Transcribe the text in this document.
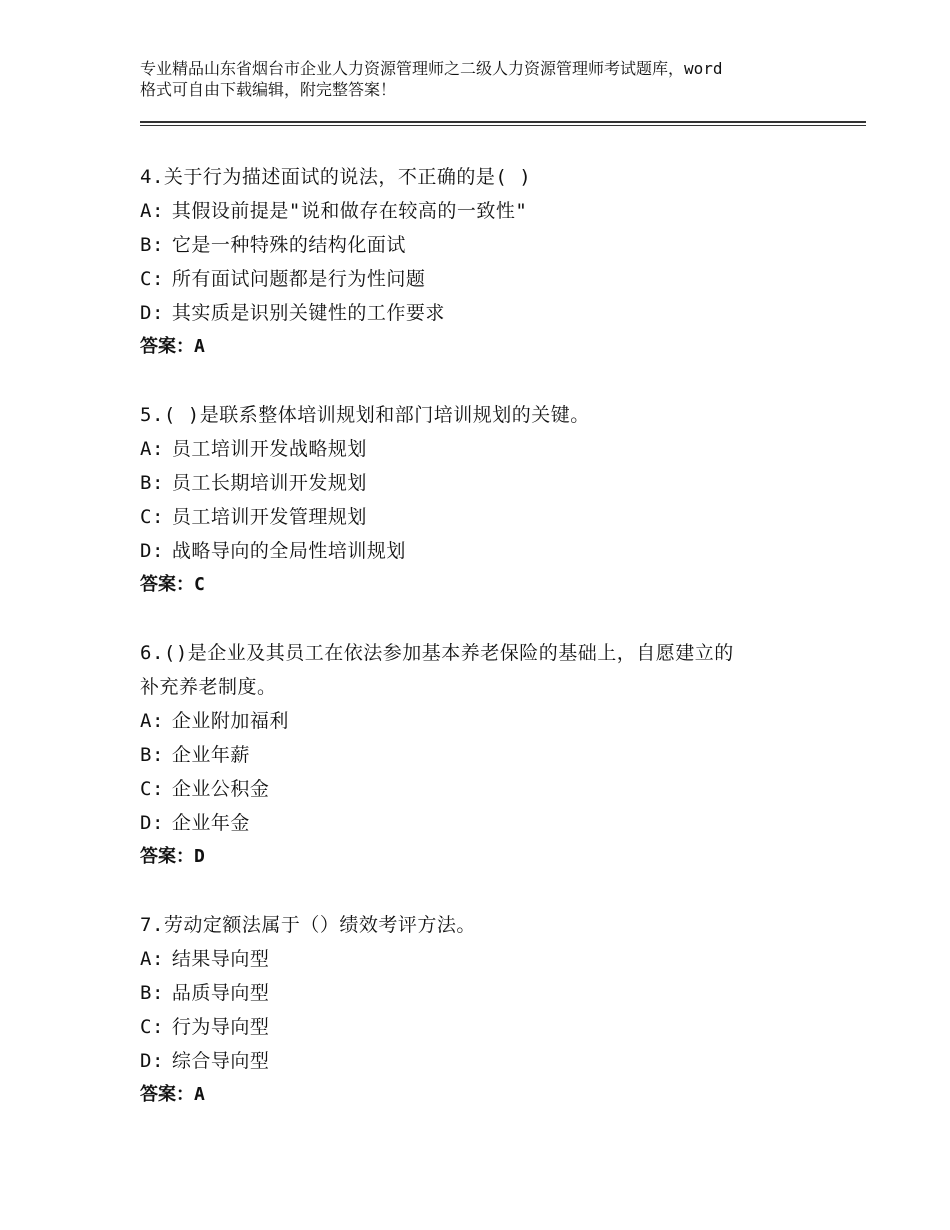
专业精品山东省烟台市企业人力资源管理师之二级人力资源管理师考试题库，word
格式可自由下载编辑，附完整答案！

4.关于行为描述面试的说法，不正确的是( )

A: 其假设前提是"说和做存在较高的一致性"

B: 它是一种特殊的结构化面试

C: 所有面试问题都是行为性问题

D: 其实质是识别关键性的工作要求

答案：A

5.( )是联系整体培训规划和部门培训规划的关键。

A: 员工培训开发战略规划

B: 员工长期培训开发规划

C: 员工培训开发管理规划

D: 战略导向的全局性培训规划

答案：C

6.()是企业及其员工在依法参加基本养老保险的基础上，自愿建立的

补充养老制度。

A: 企业附加福利

B: 企业年薪

C: 企业公积金

D: 企业年金

答案：D

7.劳动定额法属于（）绩效考评方法。

A: 结果导向型

B: 品质导向型

C: 行为导向型

D: 综合导向型

答案：A
